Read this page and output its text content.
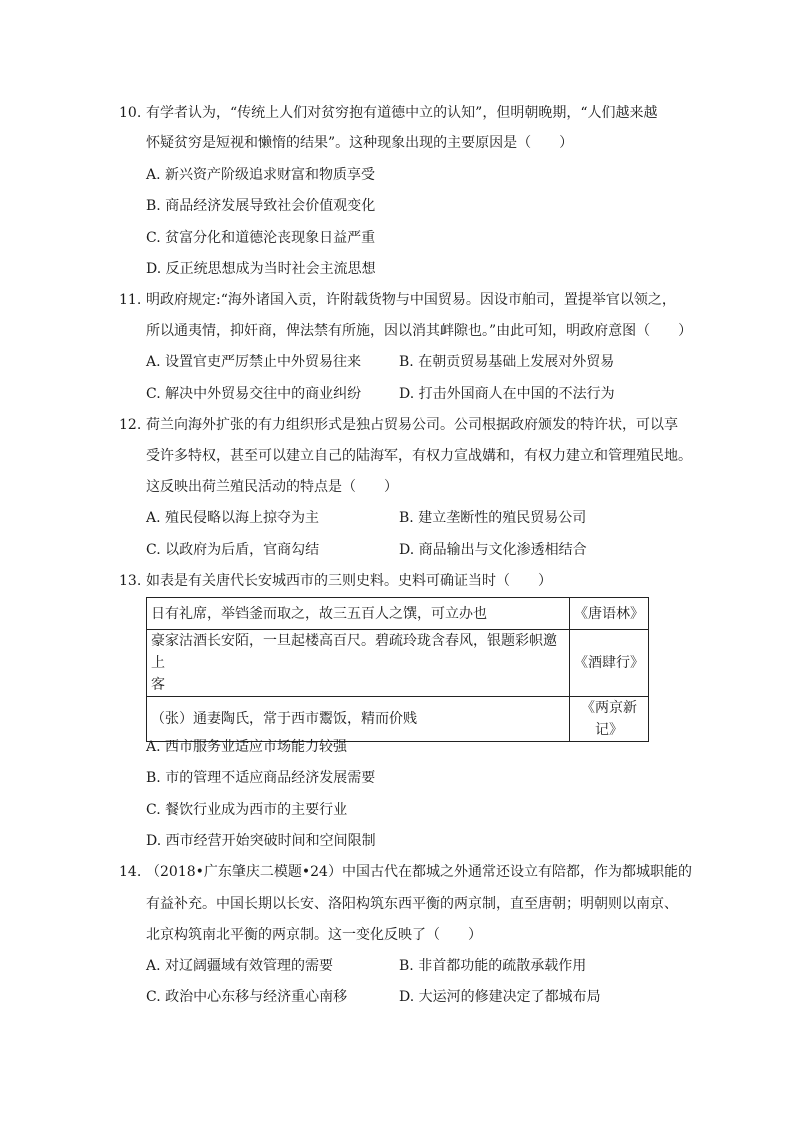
10. 有学者认为，“传统上人们对贫穷抱有道德中立的认知”，但明朝晚期，“人们越来越
怀疑贫穷是短视和懒惰的结果”。这种现象出现的主要原因是（　　）
A. 新兴资产阶级追求财富和物质享受
B. 商品经济发展导致社会价值观变化
C. 贫富分化和道德沦丧现象日益严重
D. 反正统思想成为当时社会主流思想
11. 明政府规定:“海外诸国入贡，许附载货物与中国贸易。因设市舶司，置提举官以领之，
所以通夷情，抑奸商，俾法禁有所施，因以消其衅隙也。”由此可知，明政府意图（　　）
A. 设置官吏严厉禁止中外贸易往来	B. 在朝贡贸易基础上发展对外贸易
C. 解决中外贸易交往中的商业纠纷	D. 打击外国商人在中国的不法行为
12. 荷兰向海外扩张的有力组织形式是独占贸易公司。公司根据政府颁发的特许状，可以享
受许多特权，甚至可以建立自己的陆海军，有权力宣战媾和，有权力建立和管理殖民地。
这反映出荷兰殖民活动的特点是（　　）
A. 殖民侵略以海上掠夺为主	B. 建立垄断性的殖民贸易公司
C. 以政府为后盾，官商勾结	D. 商品输出与文化渗透相结合
13. 如表是有关唐代长安城西市的三则史料。史料可确证当时（　　）
日有礼席，举铛釜而取之，故三五百人之馔，可立办也	《唐语林》
豪家沽酒长安陌，一旦起楼高百尺。碧疏玲珑含春风，银题彩帜邀上
客	《酒肆行》
（张）通妻陶氏，常于西市鬻饭，精而价贱	《两京新记》
A. 西市服务业适应市场能力较强
B. 市的管理不适应商品经济发展需要
C. 餐饮行业成为西市的主要行业
D. 西市经营开始突破时间和空间限制
14. （2018•广东肇庆二模题•24）中国古代在都城之外通常还设立有陪都，作为都城职能的
有益补充。中国长期以长安、洛阳构筑东西平衡的两京制，直至唐朝；明朝则以南京、
北京构筑南北平衡的两京制。这一变化反映了（　　）
A. 对辽阔疆域有效管理的需要	B. 非首都功能的疏散承载作用
C. 政治中心东移与经济重心南移	D. 大运河的修建决定了都城布局
